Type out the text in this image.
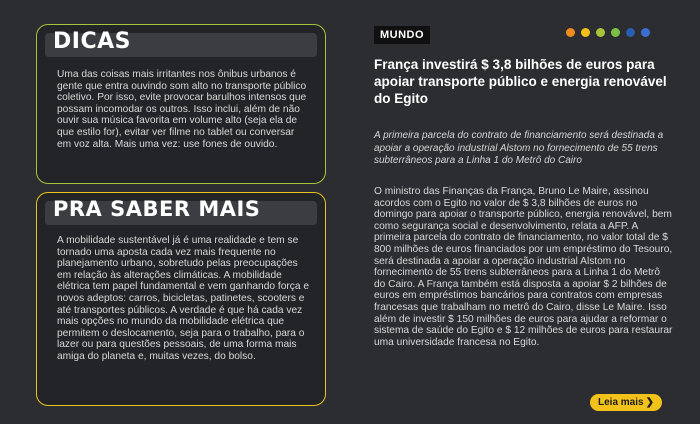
DICAS
Uma das coisas mais irritantes nos ônibus urbanos é gente que entra ouvindo som alto no transporte público coletivo. Por isso, evite provocar barulhos intensos que possam incomodar os outros. Isso inclui, além de não ouvir sua música favorita em volume alto (seja ela de que estilo for), evitar ver filme no tablet ou conversar em voz alta. Mais uma vez: use fones de ouvido.
PRA SABER MAIS
A mobilidade sustentável já é uma realidade e tem se tornado uma aposta cada vez mais frequente no planejamento urbano, sobretudo pelas preocupações em relação às alterações climáticas. A mobilidade elétrica tem papel fundamental e vem ganhando força e novos adeptos: carros, bicicletas, patinetes, scooters e até transportes públicos. A verdade é que há cada vez mais opções no mundo da mobilidade elétrica que permitem o deslocamento, seja para o trabalho, para o lazer ou para questões pessoais, de uma forma mais amiga do planeta e, muitas vezes, do bolso.
MUNDO
França investirá $ 3,8 bilhões de euros para apoiar transporte público e energia renovável do Egito
A primeira parcela do contrato de financiamento será destinada a apoiar a operação industrial Alstom no fornecimento de 55 trens subterrâneos para a Linha 1 do Metrô do Cairo
O ministro das Finanças da França, Bruno Le Maire, assinou acordos com o Egito no valor de $ 3,8 bilhões de euros no domingo para apoiar o transporte público, energia renovável, bem como segurança social e desenvolvimento, relata a AFP. A primeira parcela do contrato de financiamento, no valor total de $ 800 milhões de euros financiados por um empréstimo do Tesouro, será destinada a apoiar a operação industrial Alstom no fornecimento de 55 trens subterrâneos para a Linha 1 do Metrô do Cairo. A França também está disposta a apoiar $ 2 bilhões de euros em empréstimos bancários para contratos com empresas francesas que trabalham no metrô do Cairo, disse Le Maire. Isso além de investir $ 150 milhões de euros para ajudar a reformar o sistema de saúde do Egito e $ 12 milhões de euros para restaurar uma universidade francesa no Egito.
Leia mais ❯
